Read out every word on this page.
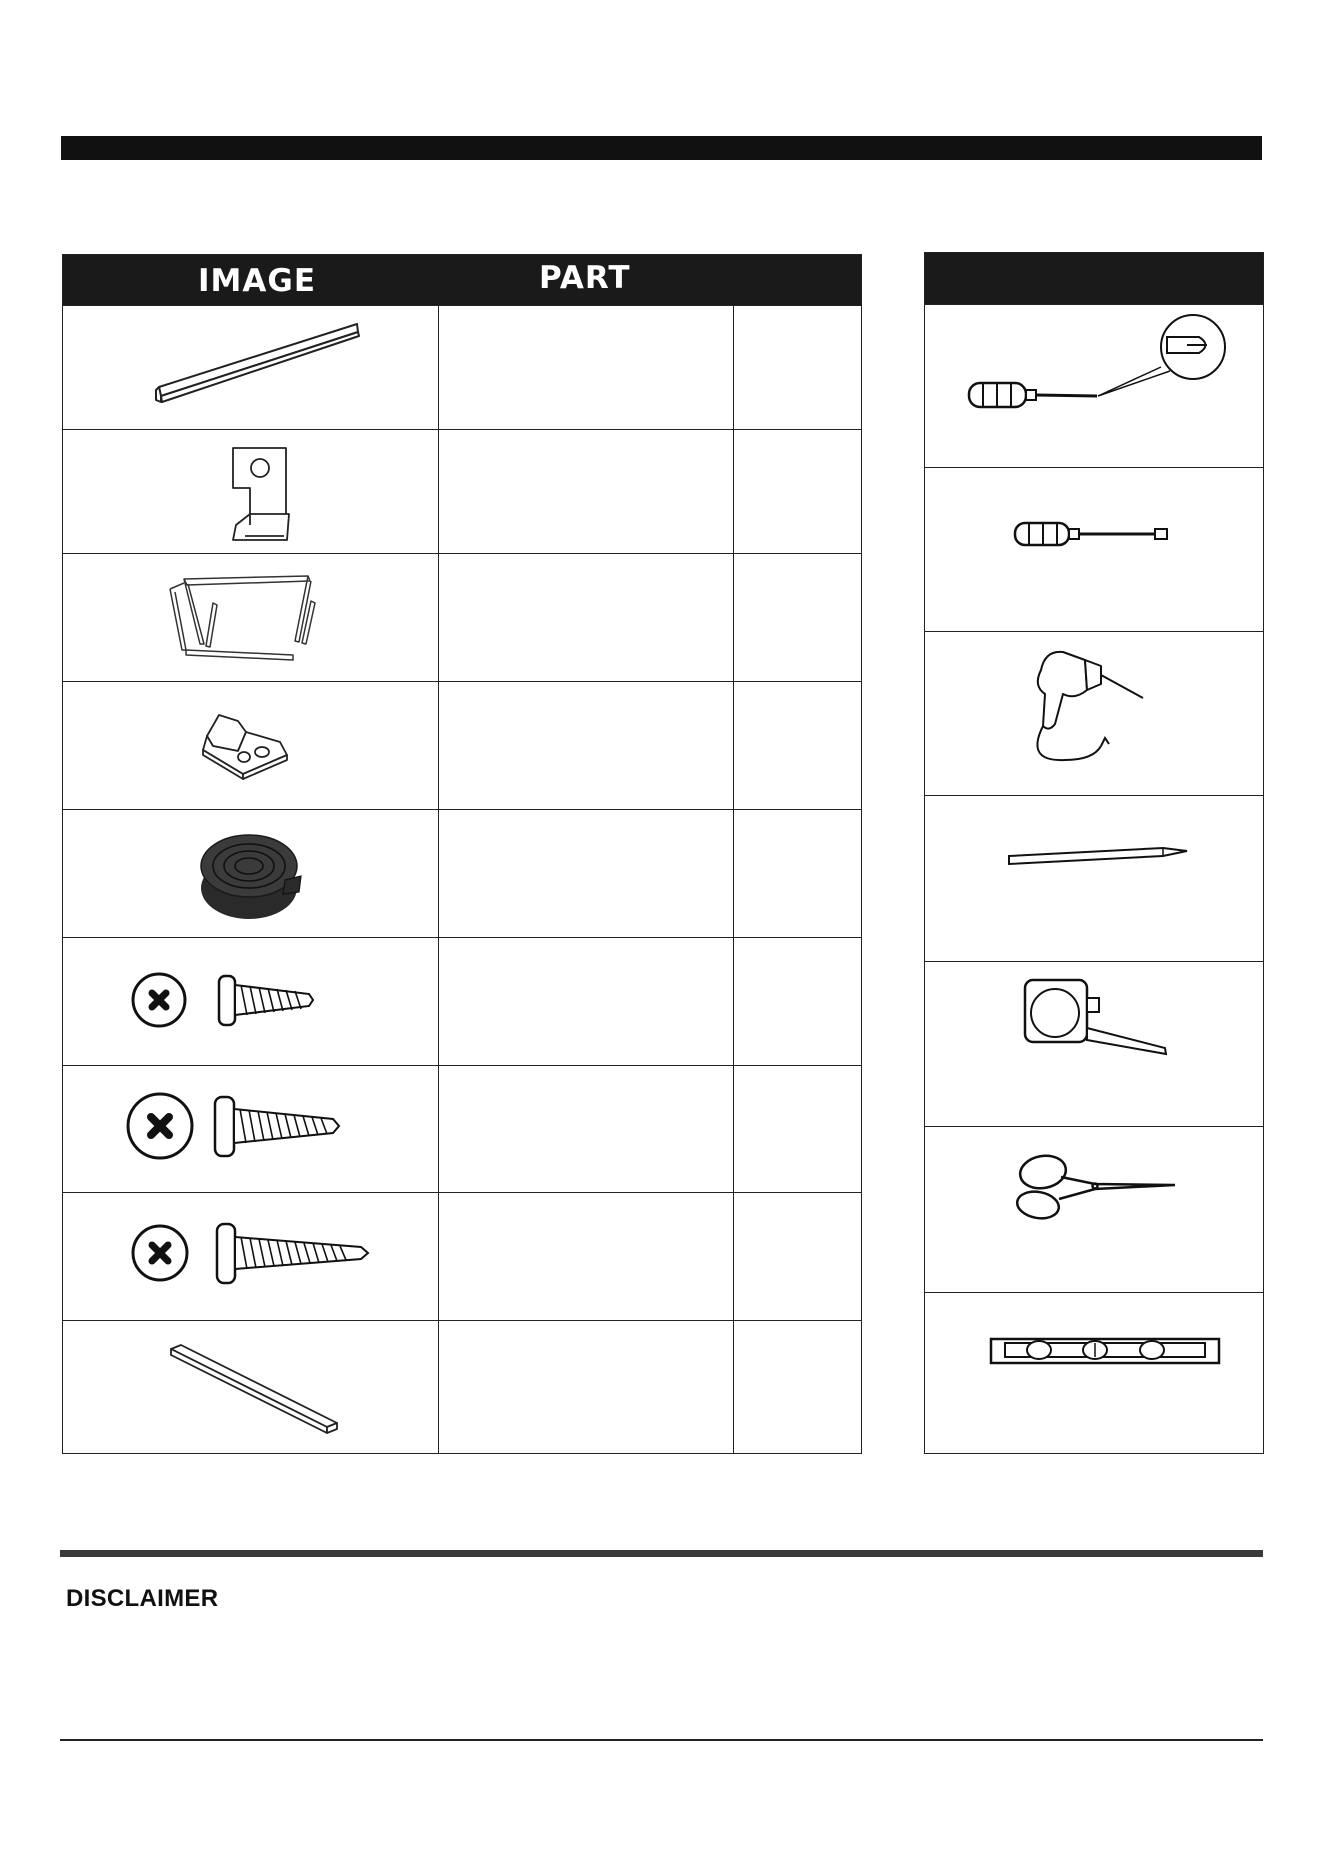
IMAGE	PART
DISCLAIMER
